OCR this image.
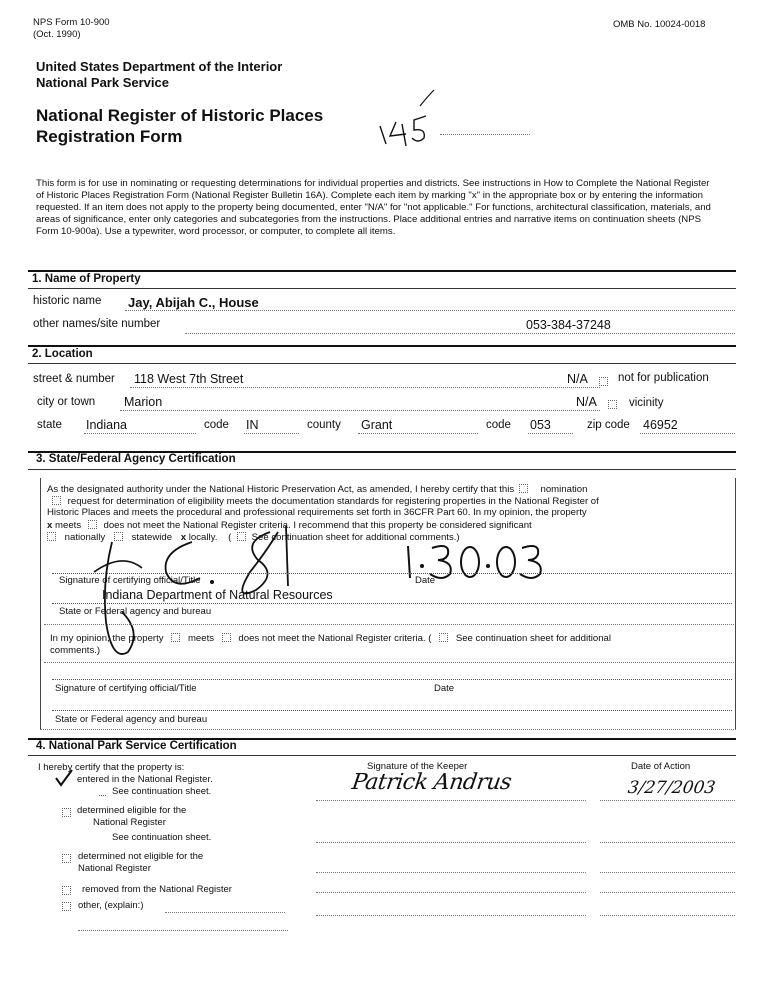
NPS Form 10-900
(Oct. 1990)
OMB No. 10024-0018
United States Department of the Interior
National Park Service
National Register of Historic Places
Registration Form
This form is for use in nominating or requesting determinations for individual properties and districts. See instructions in How to Complete the National Register of Historic Places Registration Form (National Register Bulletin 16A). Complete each item by marking "x" in the appropriate box or by entering the information requested. If an item does not apply to the property being documented, enter "N/A" for "not applicable." For functions, architectural classification, materials, and areas of significance, enter only categories and subcategories from the instructions. Place additional entries and narrative items on continuation sheets (NPS Form 10-900a). Use a typewriter, word processor, or computer, to complete all items.
1. Name of Property
historic name Jay, Abijah C., House
other names/site number	053-384-37248
2. Location
street & number 118 West 7th Street	N/A	not for publication
city or town Marion	N/A	vicinity
state Indiana	code IN	county Grant	code 053	zip code 46952
3. State/Federal Agency Certification
As the designated authority under the National Historic Preservation Act, as amended, I hereby certify that this	nomination
request for determination of eligibility meets the documentation standards for registering properties in the National Register of
Historic Places and meets the procedural and professional requirements set forth in 36CFR Part 60. In my opinion, the property
x meets does not meet the National Register criteria. I recommend that this property be considered significant
nationally	statewide x locally. ( See continuation sheet for additional comments.)
Signature of certifying official/Title	Date
Indiana Department of Natural Resources
State or Federal agency and bureau
In my opinion, the property	meets	does not meet the National Register criteria. (	See continuation sheet for additional
comments.)
Signature of certifying official/Title	Date
State or Federal agency and bureau
4. National Park Service Certification
I hereby certify that the property is:
entered in the National Register.
See continuation sheet.
determined eligible for the
National Register
See continuation sheet.
determined not eligible for the
National Register
removed from the National Register
other, (explain:)
Signature of the Keeper	Date of Action
Patrick Andrus	3/27/2003
